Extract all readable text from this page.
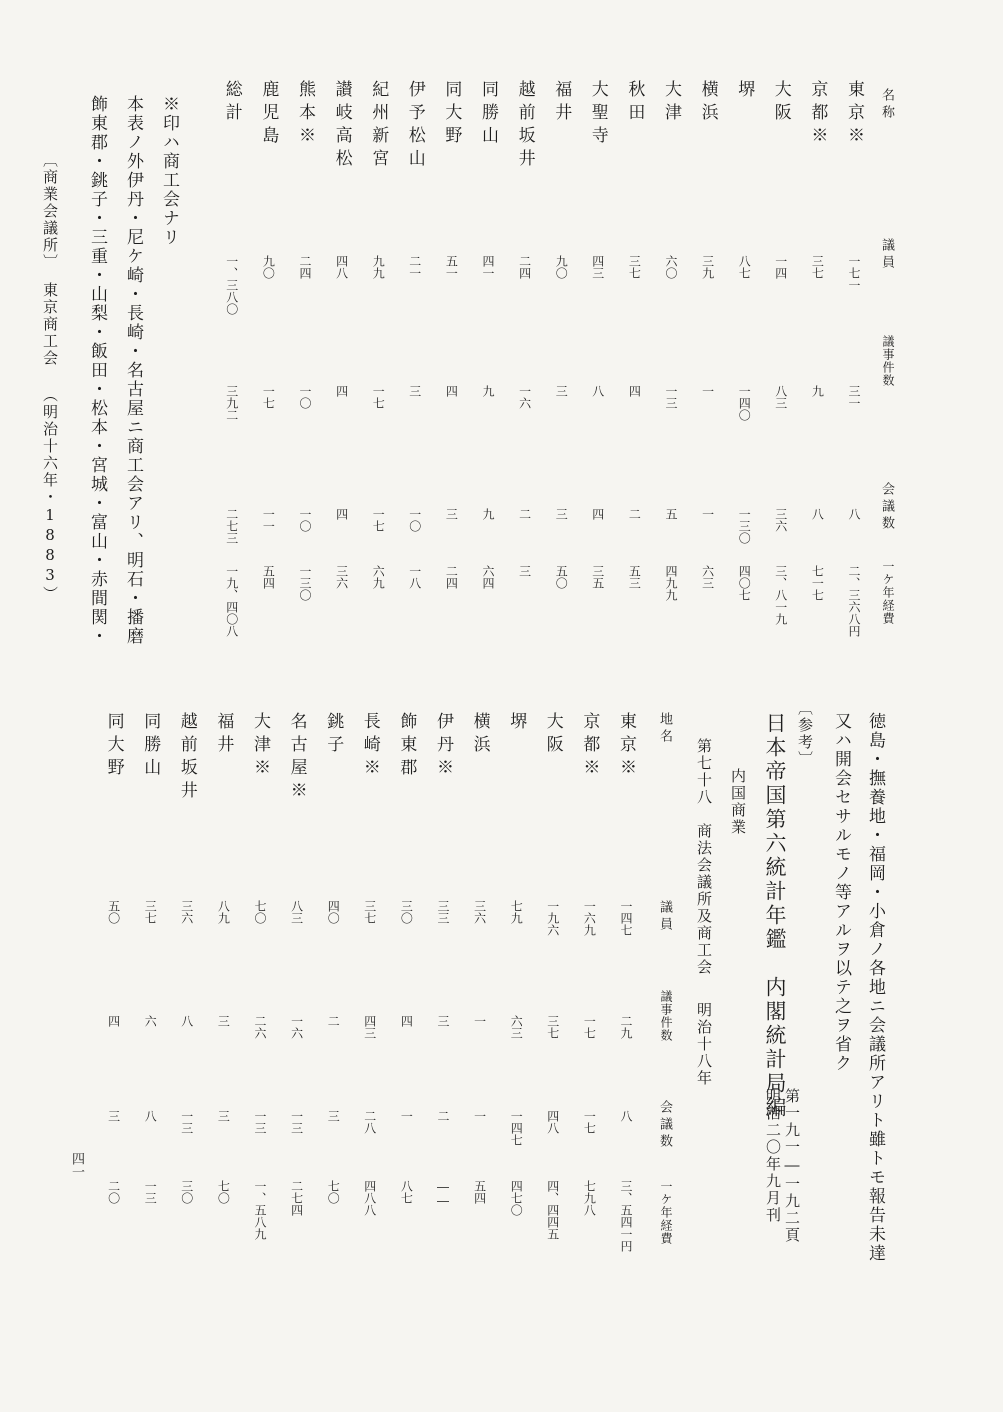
名称
議員
議事件数
会議数
一ケ年経費
東京※
一七一
三一
八
二、三六八円
京都※
三七
九
八
七一七
大阪
一四
八三
三六
三、八一九
堺
八七
一四〇
一三〇
四〇七
横浜
三九
一
一
六三
大津
六〇
一三
五
四九九
秋田
三七
四
二
五三
大聖寺
四三
八
四
三五
福井
九〇
三
三
五〇
越前坂井
二四
一六
二
三
同勝山
四一
九
九
六四
同大野
五一
四
三
二四
伊予松山
二一
三
一〇
一八
紀州新宮
九九
一七
一七
六九
讃岐高松
四八
四
四
三六
熊本※
二四
一〇
一〇
一三〇
鹿児島
九〇
一七
一一
五四
総計
一、三八〇
三九二
二七三
一九、四〇八
※印ハ商工会ナリ
本表ノ外伊丹・尼ケ崎・長崎・名古屋ニ商工会アリ、明石・播磨
飾東郡・銚子・三重・山梨・飯田・松本・宮城・富山・赤間関・
徳島・撫養地・福岡・小倉ノ各地ニ会議所アリト雖トモ報告未達
又ハ開会セサルモノ等アルヲ以テ之ヲ省ク
〔商業会議所〕
東京商工会 （明治十六年・1883）
〔参考〕
日本帝国第六統計年鑑　内閣統計局編
第一九一―一九二頁
明治二〇年九月刊
内国商業
第七十八　商法会議所及商工会
明治十八年
地名
議員
議事件数
会議数
一ケ年経費
東京※
一四七
二九
八
三、五四一円
京都※
一六九
一七
一七
七九八
大阪
一九六
三七
四八
四、四四五
堺
七九
六三
一四七
四七〇
横浜
三六
一
一
五四
伊丹※
三三
三
二
――
飾東郡
三〇
四
一
八七
長崎※
三七
四三
二八
四八八
銚子
四〇
二
三
七〇
名古屋※
八三
一六
一三
二七四
大津※
七〇
二六
一三
一、五八九
福井
八九
三
三
七〇
越前坂井
三六
八
一三
三〇
同勝山
三七
六
八
一三
同大野
五〇
四
三
二〇
四一
